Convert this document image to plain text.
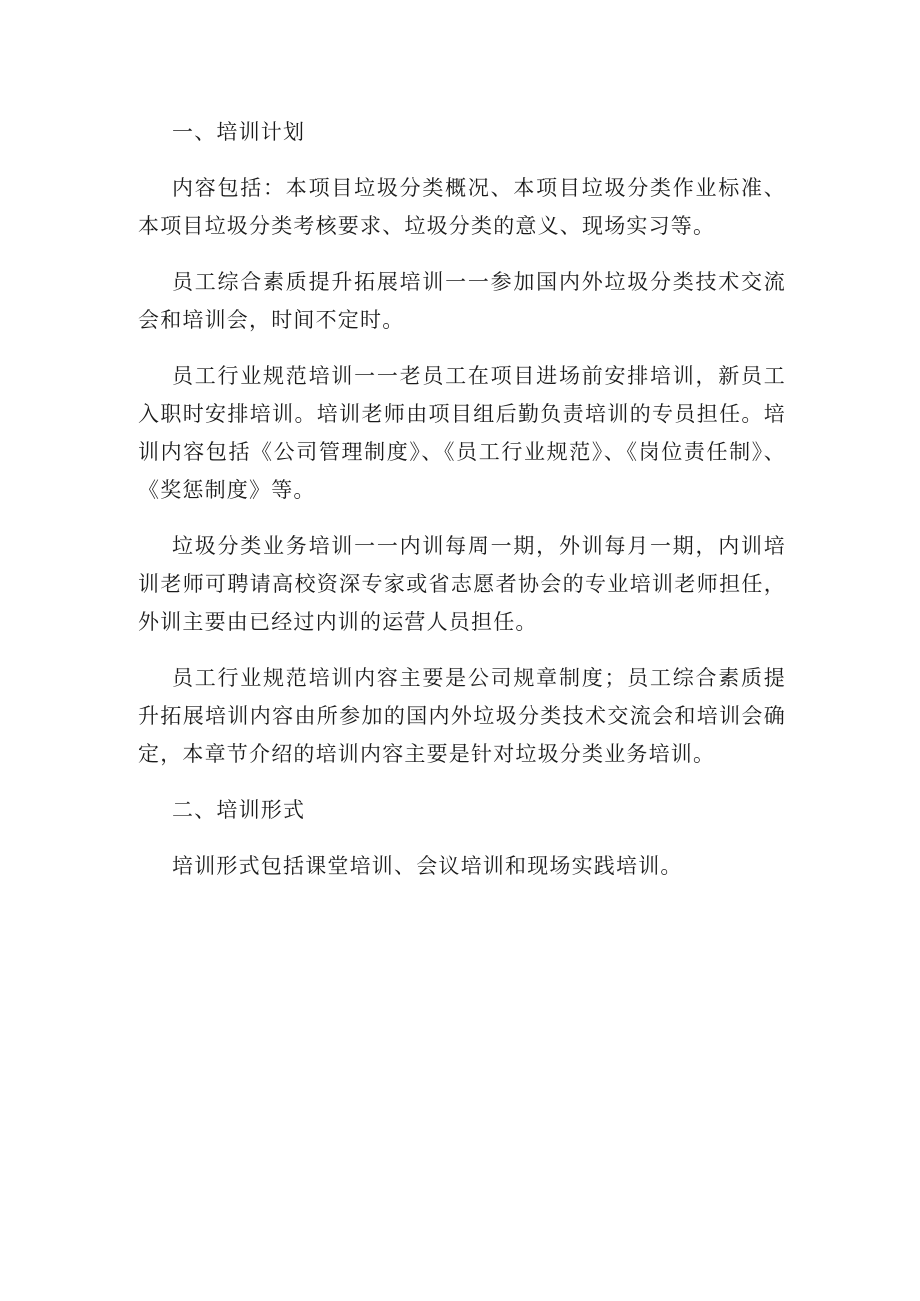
一、培训计划

内容包括：本项目垃圾分类概况、本项目垃圾分类作业标准、本项目垃圾分类考核要求、垃圾分类的意义、现场实习等。

员工综合素质提升拓展培训一一参加国内外垃圾分类技术交流会和培训会，时间不定时。

员工行业规范培训一一老员工在项目进场前安排培训，新员工入职时安排培训。培训老师由项目组后勤负责培训的专员担任。培训内容包括《公司管理制度》、《员工行业规范》、《岗位责任制》、《奖惩制度》等。

垃圾分类业务培训一一内训每周一期，外训每月一期，内训培训老师可聘请高校资深专家或省志愿者协会的专业培训老师担任，外训主要由已经过内训的运营人员担任。

员工行业规范培训内容主要是公司规章制度；员工综合素质提升拓展培训内容由所参加的国内外垃圾分类技术交流会和培训会确定，本章节介绍的培训内容主要是针对垃圾分类业务培训。

二、培训形式

培训形式包括课堂培训、会议培训和现场实践培训。
